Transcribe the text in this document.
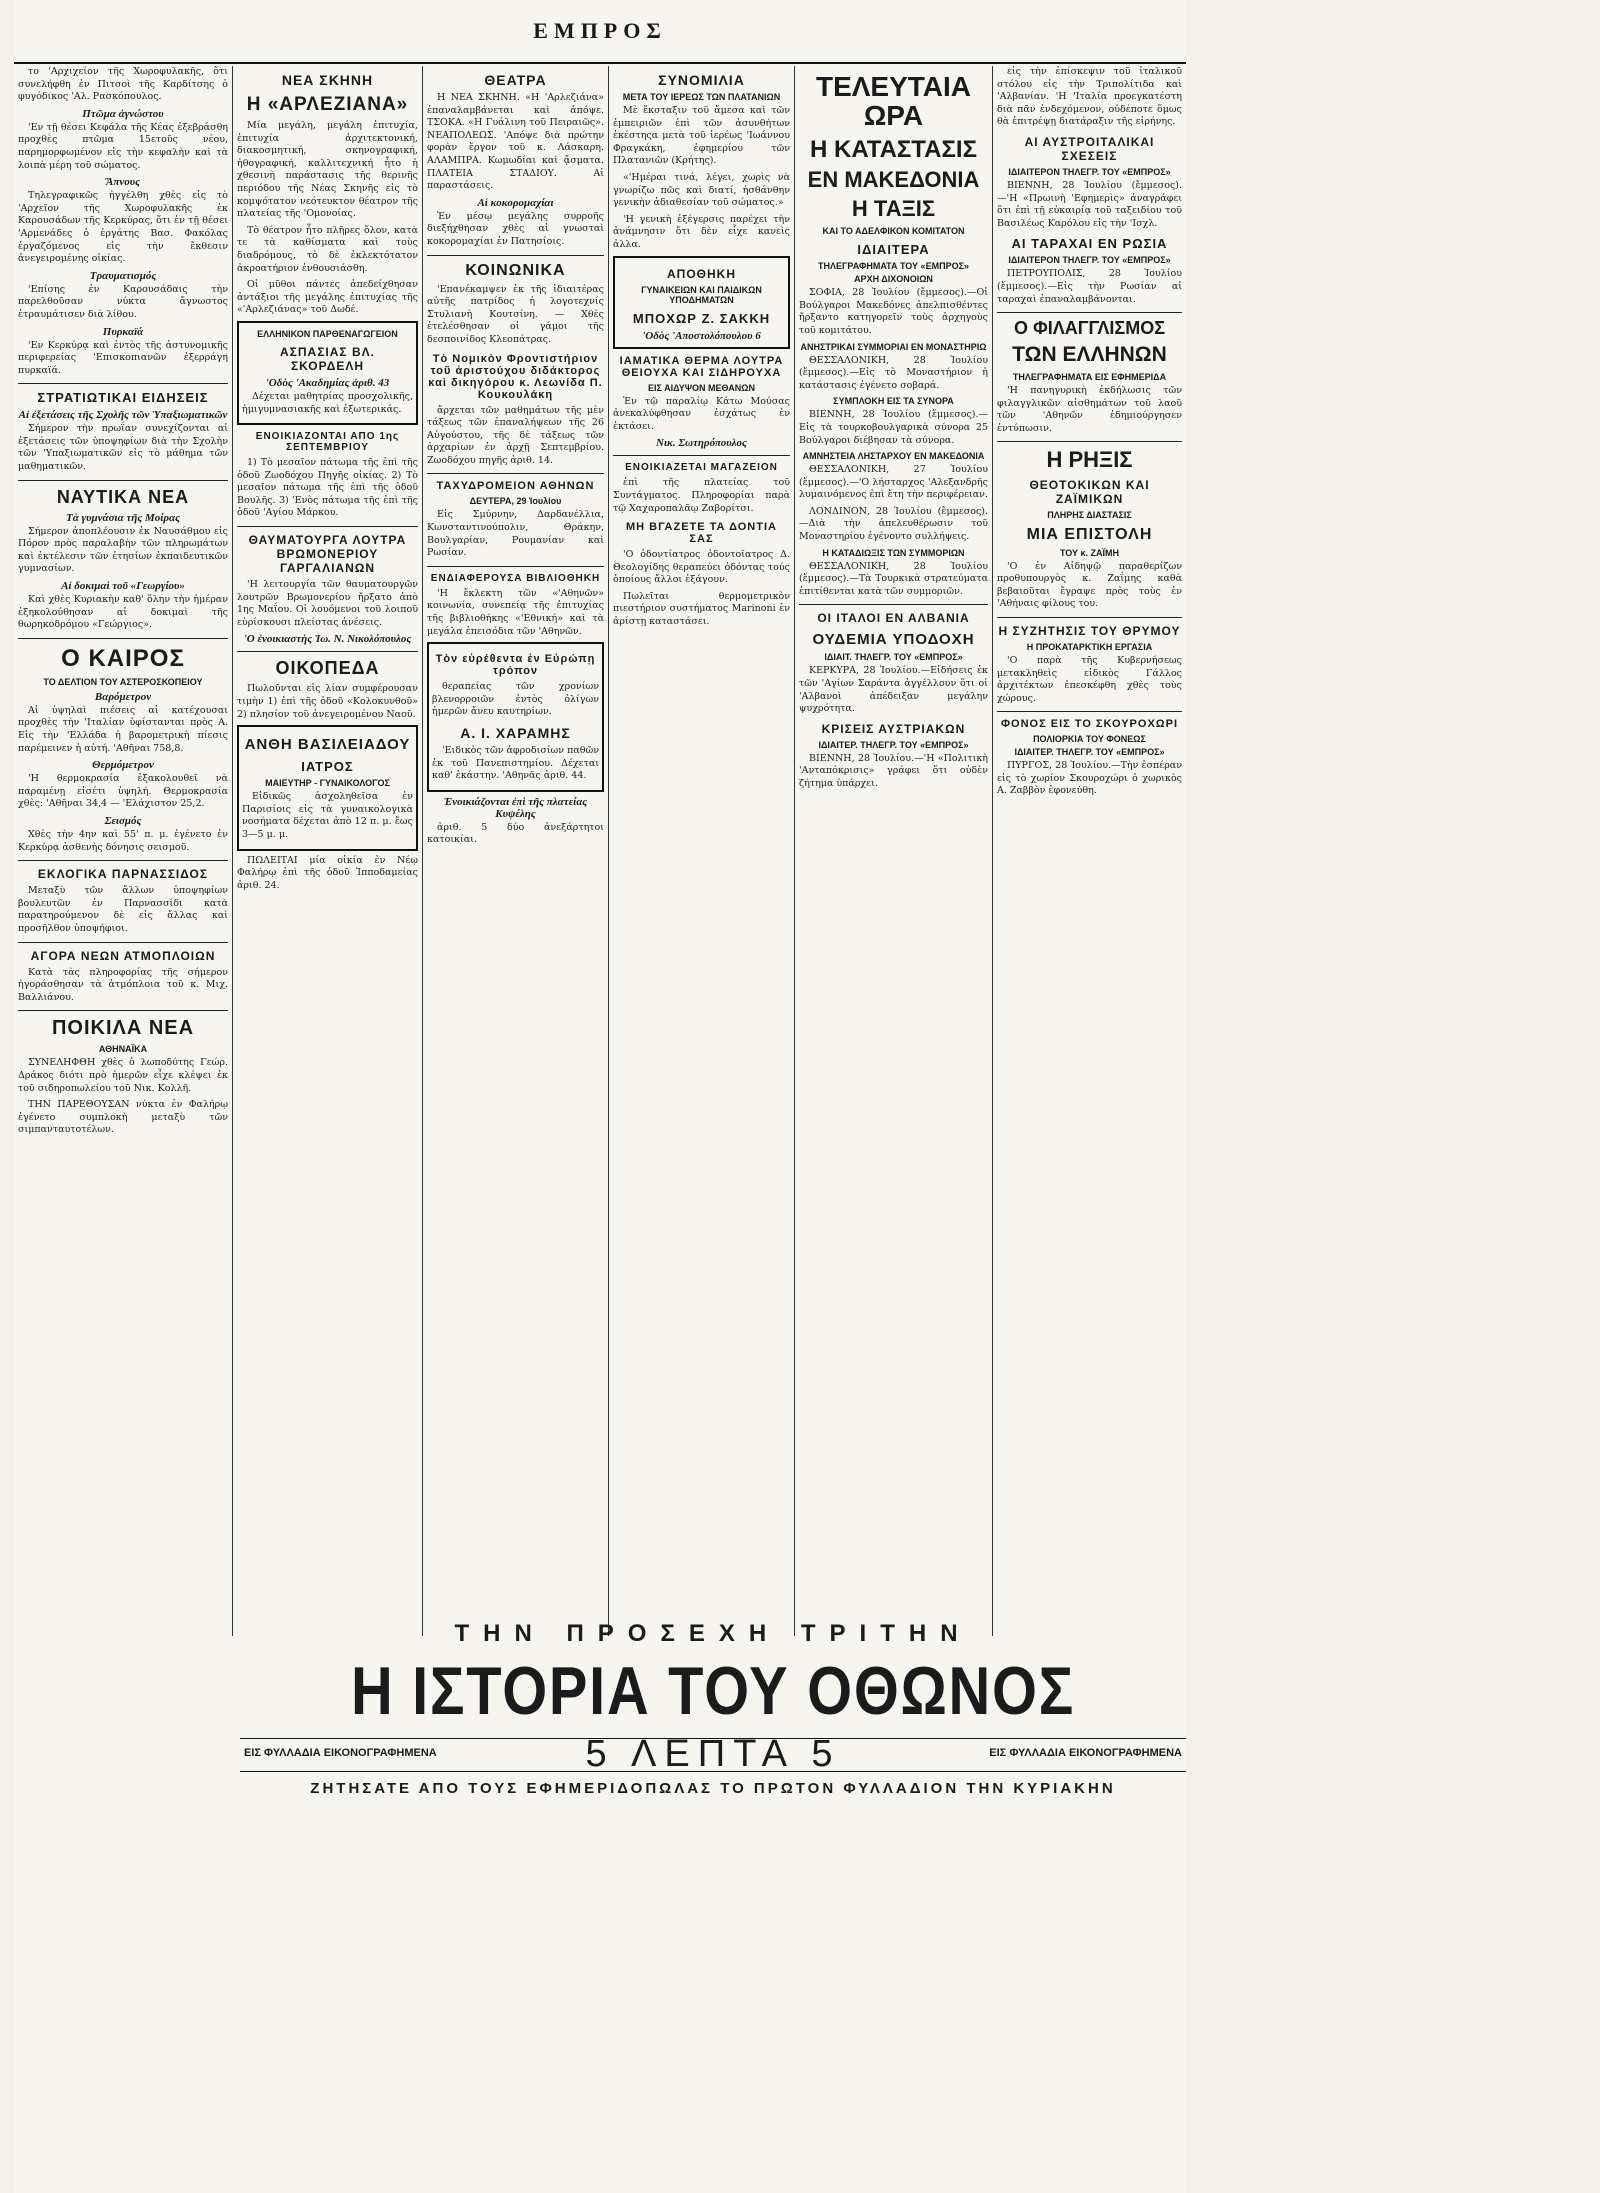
ΕΜΠΡΟΣ

το 'Αρχιχείον τῆς Χωροφυλακῆς, ὅτι συνελήφθη ἐν Πιτσοὶ τῆς Καρδίτσης ὁ φυγόδικος 'Αλ. Ρασκόπουλος.

Πτῶμα ἀγνώστου

'Εν τῇ θέσει Κεφάλα τῆς Κέας ἐξεβράσθη προχθὲς πτῶμα 15ετοῦς νέου, παρημορφωμένον εἰς τὴν κεφαλὴν καὶ τὰ λοιπὰ μέρη τοῦ σώματος.

Ἄπνους

Τηλεγραφικῶς ἠγγέλθη χθὲς εἰς τὸ 'Αρχεῖον τῆς Χωροφυλακῆς ἐκ Καρουσάδων τῆς Κερκύρας, ὅτι ἐν τῇ θέσει 'Αρμενάδες ὁ ἐργάτης Βασ. Φακόλας ἐργαζόμενος εἰς τὴν ἔκθεσιν ἀνεγειρομένης οἰκίας.

Τραυματισμός

'Επίσης ἐν Καρουσάδαις τὴν παρελθοῦσαν νύκτα ἄγνωστος ἐτραυμάτισεν διὰ λίθου.

Πυρκαϊά

'Εν Κερκύρᾳ καὶ ἐντὸς τῆς ἀστυνομικῆς περιφερείας 'Επισκοπιανῶν ἐξερράγη πυρκαϊά.

ΣΤΡΑΤΙΩΤΙΚΑΙ ΕΙΔΗΣΕΙΣ
Αἱ ἐξετάσεις τῆς Σχολῆς τῶν Ὑπαξιωματικῶν

Σήμερον τὴν πρωΐαν συνεχίζονται αἱ ἐξετάσεις τῶν ὑποψηφίων διὰ τὴν Σχολὴν τῶν 'Υπαξιωματικῶν εἰς τὸ μάθημα τῶν μαθηματικῶν.

ΝΑΥΤΙΚΑ ΝΕΑ
Τὰ γυμνάσια τῆς Μοίρας

Σήμερον ἀποπλέουσιν ἐκ Ναυσάθμου εἰς Πόρον πρὸς παραλαβὴν τῶν πληρωμάτων καὶ ἐκτέλεσιν τῶν ἐτησίων ἐκπαιδευτικῶν γυμνασίων.

Αἱ δοκιμαὶ τοῦ «Γεωργίου»

Καὶ χθὲς Κυριακὴν καθ' ὅλην τὴν ἡμέραν ἐξηκολούθησαν αἱ δοκιμαὶ τῆς θωρηκοδρόμου «Γεώργιος».

Ο ΚΑΙΡΟΣ
ΤΟ ΔΕΛΤΙΟΝ ΤΟΥ ΑΣΤΕΡΟΣΚΟΠΕΙΟΥ
Βαρόμετρον

Αἱ ὑψηλαὶ πιέσεις αἱ κατέχουσαι προχθὲς τὴν 'Ιταλίαν ὑφίστανται πρὸς Α. Εἰς τὴν 'Ελλάδα ἡ βαρομετρικὴ πίεσις παρέμεινεν ἡ αὐτή. 'Αθῆναι 758,8.

Θερμόμετρον

'Η θερμοκρασία ἐξακολουθεῖ νὰ παραμένῃ εἰσέτι ὑψηλή. Θερμοκρασία χθὲς: 'Αθῆναι 34,4 — 'Ελάχιστον 25,2.

Σεισμός

Χθὲς τὴν 4ην καὶ 55' π. μ. ἐγένετο ἐν Κερκύρᾳ ἀσθενὴς δόνησις σεισμοῦ.

ΕΚΛΟΓΙΚΑ ΠΑΡΝΑΣΣΙΔΟΣ

Μεταξὺ τῶν ἄλλων ὑποψηφίων βουλευτῶν ἐν Παρνασσίδι κατὰ παρατηρούμενον δὲ εἰς ἄλλας καὶ προσῆλθον ὑποψήφιοι.

ΑΓΟΡΑ ΝΕΩΝ ΑΤΜΟΠΛΟΙΩΝ

Κατὰ τὰς πληροφορίας τῆς σήμερον ἠγοράσθησαν τὰ ἀτμόπλοια τοῦ κ. Μιχ. Βαλλιάνου.

ΠΟΙΚΙΛΑ ΝΕΑ
ΑΘΗΝΑΪΚΑ

ΣΥΝΕΛΗΦΘΗ χθὲς ὁ λωποδύτης Γεώρ. Δράκος διότι πρὸ ἡμερῶν εἶχε κλέψει ἐκ τοῦ σιδηροπωλείου τοῦ Νικ. Κολλῆ.

ΤΗΝ ΠΑΡΕΘΟΥΣΑΝ νύκτα ἐν Φαλήρῳ ἐγένετο συμπλοκὴ μεταξὺ τῶν σιμπανταυτοτέλων.

ΝΕΑ ΣΚΗΝΗ
Η «ΑΡΛΕΖΙΑΝΑ»

Μία μεγάλη, μεγάλη ἐπιτυχία, ἐπιτυχία ἀρχιτεκτονική, διακοσμητική, σκηνογραφική, ἠθογραφική, καλλιτεχνική ἦτο ἡ χθεσινὴ παράστασις τῆς θερινῆς περιόδου τῆς Νέας Σκηνῆς εἰς τὸ κομψότατον νεότευκτον θέατρον τῆς πλατείας τῆς 'Ομονοίας.

Τὸ θέατρον ἦτο πλῆρες ὅλον, κατὰ τε τὰ καθίσματα καὶ τοὺς διαδρόμους, τὸ δὲ ἐκλεκτότατον ἀκροατήριον ἐνθουσιάσθη.

Οἱ μῦθοι πάντες ἀπεδείχθησαν ἀντάξιοι τῆς μεγάλης ἐπιτυχίας τῆς «'Αρλεζιάνας» τοῦ Δωδέ.

ΕΛΛΗΝΙΚΟΝ ΠΑΡΘΕΝΑΓΩΓΕΙΟΝ
ΑΣΠΑΣΙΑΣ ΒΛ. ΣΚΟΡΔΕΛΗ
'Οδὸς 'Ακαδημίας ἀριθ. 43

Δέχεται μαθητρίας προσχολικῆς, ἡμιγυμνασιακῆς καὶ ἐξωτερικάς.

ΕΝΟΙΚΙΑΖΟΝΤΑΙ ΑΠΟ 1ης ΣΕΠΤΕΜΒΡΙΟΥ

1) Τὸ μεσαῖον πάτωμα τῆς ἐπὶ τῆς ὁδοῦ Ζωοδόχου Πηγῆς οἰκίας. 2) Τὸ μεσαῖον πάτωμα τῆς ἐπὶ τῆς ὁδοῦ Βουλῆς. 3) 'Ενὸς πάτωμα τῆς ἐπὶ τῆς ὁδοῦ 'Αγίου Μάρκου.

ΘΑΥΜΑΤΟΥΡΓΑ ΛΟΥΤΡΑ ΒΡΩΜΟΝΕΡΙΟΥ ΓΑΡΓΑΛΙΑΝΩΝ

'Η λειτουργία τῶν θαυματουργῶν λουτρῶν Βρωμονερίου ἤρξατο ἀπὸ 1ης Μαΐου. Οἱ λουόμενοι τοῦ λοιποῦ εὑρίσκουσι πλείστας ἀνέσεις.

'Ο ἐνοικιαστὴς Ἰω. Ν. Νικολόπουλος
ΟΙΚΟΠΕΔΑ

Πωλοῦνται εἰς λίαν συμφέρουσαν τιμὴν 1) ἐπὶ τῆς ὁδοῦ «Κολοκυνθοῦ» 2) πλησίον τοῦ ἀνεγειρομένου Ναοῦ.

ΑΝΘΗ ΒΑΣΙΛΕΙΑΔΟΥ
ΙΑΤΡΟΣ
ΜΑΙΕΥΤΗΡ - ΓΥΝΑΙΚΟΛΟΓΟΣ

Εἰδικῶς ἀσχοληθεῖσα ἐν Παρισίοις εἰς τὰ γυναικολογικὰ νοσήματα δέχεται ἀπὸ 12 π. μ. ἕως 3—5 μ. μ.

ΠΩΛΕΙΤΑΙ μία οἰκία ἐν Νέῳ Φαλήρῳ ἐπὶ τῆς ὁδοῦ Ἰπποδαμείας ἀριθ. 24.

ΘΕΑΤΡΑ

Η ΝΕΑ ΣΚΗΝΗ. «Η 'Αρλεζιάνα» ἐπαναλαμβάνεται καὶ ἀπόψε. ΤΣΟΚΑ. «Η Γυάλινη τοῦ Πειραιῶς». ΝΕΑΠΟΛΕΩΣ. 'Απόψε διὰ πρώτην φορὰν ἔργον τοῦ κ. Λάσκαρη. ΑΛΑΜΠΡΑ. Κωμωδίαι καὶ ᾄσματα. ΠΛΑΤΕΙΑ ΣΤΑΔΙΟΥ. Αἱ παραστάσεις.

Αἱ κοκορομαχίαι

Ἐν μέσῳ μεγάλης συρροῆς διεξήχθησαν χθὲς αἱ γνωσταὶ κοκορομαχίαι ἐν Πατησίοις.

ΚΟΙΝΩΝΙΚΑ

'Επανέκαμψεν ἐκ τῆς ἰδιαιτέρας αὐτῆς πατρίδος ἡ λογοτεχνίς Στυλιανὴ Κουτσίνη. — Χθὲς ἐτελέσθησαν οἱ γάμοι τῆς δεσποινίδος Κλεοπάτρας.

Τὸ Νομικὸν Φροντιστήριον τοῦ ἀριστούχου διδάκτορος καὶ δικηγόρου κ. Λεωνίδα Π. Κουκουλάκη

ἄρχεται τῶν μαθημάτων τῆς μὲν τάξεως τῶν ἐπαναλήψεων τῆς 26 Αὐγούστου, τῆς δὲ τάξεως τῶν ἀρχαρίων ἐν ἀρχῇ Σεπτεμβρίου. Ζωοδόχου πηγῆς ἀριθ. 14.

ΤΑΧΥΔΡΟΜΕΙΟΝ ΑΘΗΝΩΝ
ΔΕΥΤΕΡΑ, 29 Ἰουλίου

Εἰς Σμύρνην, Δαρδανέλλια, Κωνσταντινούπολιν, Θράκην, Βουλγαρίαν, Ρουμανίαν καὶ Ρωσίαν.

ΕΝΔΙΑΦΕΡΟΥΣΑ ΒΙΒΛΙΟΘΗΚΗ

'Η ἔκλεκτη τῶν «'Αθηνῶν» κοινωνία, συνεπείᾳ τῆς ἐπιτυχίας τῆς βιβλιοθήκης «'Εθνική» καὶ τὰ μεγάλα ἐπεισόδια τῶν 'Αθηνῶν.

Τὸν εὑρέθεντα ἐν Εὐρώπῃ τρόπον

θεραπείας τῶν χρονίων βλενορροιῶν ἐντὸς ὀλίγων ἡμερῶν ἄνευ καυτηρίων.

Α. Ι. ΧΑΡΑΜΗΣ

'Ειδικὸς τῶν ἀφροδισίων παθῶν ἐκ τοῦ Πανεπιστημίου. Δέχεται καθ' ἑκάστην. 'Αθηνᾶς ἀριθ. 44.

Ἐνοικιάζονται ἐπὶ τῆς πλατείας Κυψέλης

ἀριθ. 5 δύο ἀνεξάρτητοι κατοικίαι.

ΣΥΝΟΜΙΛΙΑ
ΜΕΤΑ ΤΟΥ ΙΕΡΕΩΣ ΤΩΝ ΠΛΑΤΑΝΙΩΝ

Μὲ ἔκσταξιν τοῦ ἄμεσα καὶ τῶν ἐμπειριῶν ἐπὶ τῶν ἀσυνθήτων ἐκέστηςα μετὰ τοῦ ἱερέως 'Ιωάννου Φραγκάκη, ἐφημερίου τῶν Πλατανιῶν (Κρήτης).

«'Ημέραι τινά, λέγει, χωρὶς νὰ γνωρίζω πῶς καὶ διατί, ἠσθάνθην γενικὴν ἀδιαθεσίαν τοῦ σώματος.»

'Η γενικὴ ἐξέγερσις παρέχει τὴν ἀνάμνησιν ὅτι δὲν εἶχε κανεὶς ἀλλα.

ΑΠΟΘΗΚΗ
ΓΥΝΑΙΚΕΙΩΝ ΚΑΙ ΠΑΙΔΙΚΩΝ ΥΠΟΔΗΜΑΤΩΝ
ΜΠΟΧΩΡ Ζ. ΣΑΚΚΗ
'Οδὸς 'Αποστολόπουλου 6
ΙΑΜΑΤΙΚΑ ΘΕΡΜΑ ΛΟΥΤΡΑ ΘΕΙΟΥΧΑ ΚΑΙ ΣΙΔΗΡΟΥΧΑ
ΕΙΣ ΑΙΔΥΨΟΝ ΜΕΘΑΝΩΝ

Ἐν τῷ παραλίῳ Κάτω Μούσας ἀνεκαλύφθησαν ἐσχάτως ἐν ἐκτάσει.

Νικ. Σωτηρόπουλος
ΕΝΟΙΚΙΑΖΕΤΑΙ ΜΑΓΑΖΕΙΟΝ

ἐπὶ τῆς πλατείας τοῦ Συντάγματος. Πληροφορίαι παρὰ τῷ Χαχαροπαλᾶῳ Ζαβορίτσι.

ΜΗ ΒΓΑΖΕΤΕ ΤΑ ΔΟΝΤΙΑ ΣΑΣ

'Ο ὀδοντίατρος ὀδοντοϊατρος Δ. Θεολογίδης θεραπεύει ὀδόντας τούς ὁποίους ἄλλοι ἐξάγουν.

Πωλεῖται θερμομετρικὸν πιεστήριον συστήματος Marinoni ἐν ἀρίστῃ καταστάσει.

ΤΕΛΕΥΤΑΙΑ ΩΡΑ
Η ΚΑΤΑΣΤΑΣΙΣ
ΕΝ ΜΑΚΕΔΟΝΙΑ
Η ΤΑΞΙΣ
ΚΑΙ ΤΟ ΑΔΕΛΦΙΚΟΝ ΚΟΜΙΤΑΤΟΝ
ΙΔΙΑΙΤΕΡΑ
ΤΗΛΕΓΡΑΦΗΜΑΤΑ ΤΟΥ «ΕΜΠΡΟΣ»
ΑΡΧΗ ΔΙΧΟΝΟΙΩΝ

ΣΟΦΙΑ, 28 Ἰουλίου (ἔμμεσος).—Οἱ Βούλγαροι Μακεδόνες ἀπελπισθέντες ἤρξαντο κατηγορεῖν τοὺς ἀρχηγοὺς τοῦ κομιτάτου.

ΑΝΗΣΤΡΙΚΑΙ ΣΥΜΜΟΡΙΑΙ ΕΝ ΜΟΝΑΣΤΗΡΙΩ

ΘΕΣΣΑΛΟΝΙΚΗ, 28 Ἰουλίου (ἔμμεσος).—Εἰς τὸ Μοναστήριον ἡ κατάστασις ἐγένετο σοβαρά.

ΣΥΜΠΛΟΚΗ ΕΙΣ ΤΑ ΣΥΝΟΡΑ

ΒΙΕΝΝΗ, 28 Ἰουλίου (ἔμμεσος).—Εἰς τὰ τουρκοβουλγαρικὰ σύνορα 25 Βούλγαροι διέβησαν τὰ σύνορα.

ΑΜΝΗΣΤΕΙΑ ΛΗΣΤΑΡΧΟΥ ΕΝ ΜΑΚΕΔΟΝΙΑ

ΘΕΣΣΑΛΟΝΙΚΗ, 27 Ἰουλίου (ἔμμεσος).—'Ο λήσταρχος 'Αλεξανδρῆς λυμαινόμενος ἐπὶ ἔτη τὴν περιφέρειαν.

ΛΟΝΔΙΝΟΝ, 28 Ἰουλίου (ἔμμεσος).—Διὰ τὴν ἀπελευθέρωσιν τοῦ Μοναστηρίου ἐγένοντο συλλήψεις.

Η ΚΑΤΑΔΙΩΞΙΣ ΤΩΝ ΣΥΜΜΟΡΙΩΝ

ΘΕΣΣΑΛΟΝΙΚΗ, 28 Ἰουλίου (ἔμμεσος).—Τὰ Τουρκικὰ στρατεύματα ἐπιτίθενται κατὰ τῶν συμμοριῶν.

ΟΙ ΙΤΑΛΟΙ ΕΝ ΑΛΒΑΝΙΑ
ΟΥΔΕΜΙΑ ΥΠΟΔΟΧΗ
ΙΔΙΑΙΤ. ΤΗΛΕΓΡ. ΤΟΥ «ΕΜΠΡΟΣ»

ΚΕΡΚΥΡΑ, 28 Ἰουλίου.—Εἰδήσεις ἐκ τῶν 'Αγίων Σαράντα ἀγγέλλουν ὅτι οἱ 'Αλβανοὶ ἀπέδειξαν μεγάλην ψυχρότητα.

ΚΡΙΣΕΙΣ ΑΥΣΤΡΙΑΚΩΝ
ΙΔΙΑΙΤΕΡ. ΤΗΛΕΓΡ. ΤΟΥ «ΕΜΠΡΟΣ»

ΒΙΕΝΝΗ, 28 Ἰουλίου.—'Η «Πολιτικὴ 'Ανταπόκρισις» γράφει ὅτι οὐδὲν ζήτημα ὑπάρχει.

εἰς τὴν ἐπίσκεψιν τοῦ ἰταλικοῦ στόλου εἰς τὴν Τριπολίτιδα καὶ 'Αλβανίαν. 'Η 'Ιταλία προεγκατέστη διὰ πᾶν ἐνδεχόμενον, οὐδέποτε ὅμως θὰ ἐπιτρέψῃ διατάραξιν τῆς εἰρήνης.

ΑΙ ΑΥΣΤΡΟΙΤΑΛΙΚΑΙ ΣΧΕΣΕΙΣ
ΙΔΙΑΙΤΕΡΟΝ ΤΗΛΕΓΡ. ΤΟΥ «ΕΜΠΡΟΣ»

ΒΙΕΝΝΗ, 28 Ἰουλίου (ἔμμεσος).—'Η «Πρωινὴ 'Εφημερὶς» ἀναγράφει ὅτι ἐπὶ τῇ εὐκαιρίᾳ τοῦ ταξειδίου τοῦ Βασιλέως Καρόλου εἰς τὴν 'Ισχλ.

ΑΙ ΤΑΡΑΧΑΙ ΕΝ ΡΩΣΙΑ
ΙΔΙΑΙΤΕΡΟΝ ΤΗΛΕΓΡ. ΤΟΥ «ΕΜΠΡΟΣ»

ΠΕΤΡΟΥΠΟΛΙΣ, 28 Ἰουλίου (ἔμμεσος).—Εἰς τὴν Ρωσίαν αἱ ταραχαὶ ἐπαναλαμβάνονται.

Ο ΦΙΛΑΓΓΛΙΣΜΟΣ
ΤΩΝ ΕΛΛΗΝΩΝ
ΤΗΛΕΓΡΑΦΗΜΑΤΑ ΕΙΣ ΕΦΗΜΕΡΙΔΑ

'Η πανηγυρικὴ ἐκδήλωσις τῶν φιλαγγλικῶν αἰσθημάτων τοῦ λαοῦ τῶν 'Αθηνῶν ἐδημιούργησεν ἐντύπωσιν.

Η ΡΗΞΙΣ
ΘΕΟΤΟΚΙΚΩΝ ΚΑΙ ΖΑΪΜΙΚΩΝ
ΠΛΗΡΗΣ ΔΙΑΣΤΑΣΙΣ
ΜΙΑ ΕΠΙΣΤΟΛΗ
ΤΟΥ κ. ΖΑΪΜΗ

'Ο ἐν Αἰδηψῷ παραθερίζων προθυπουργὸς κ. Ζαΐμης καθὰ βεβαιοῦται ἔγραψε πρὸς τοὺς ἐν 'Αθήναις φίλους του.

Η ΣΥΖΗΤΗΣΙΣ ΤΟΥ ΘΡΥΜΟΥ
Η ΠΡΟΚΑΤΑΡΚΤΙΚΗ ΕΡΓΑΣΙΑ

'Ο παρὰ τῆς Κυβερνήσεως μετακληθεὶς εἰδικὸς Γάλλος ἀρχιτέκτων ἐπεσκέφθη χθὲς τοὺς χώρους.

ΦΟΝΟΣ ΕΙΣ ΤΟ ΣΚΟΥΡΟΧΩΡΙ
ΠΟΛΙΟΡΚΙΑ ΤΟΥ ΦΟΝΕΩΣ
ΙΔΙΑΙΤΕΡ. ΤΗΛΕΓΡ. ΤΟΥ «ΕΜΠΡΟΣ»

ΠΥΡΓΟΣ, 28 Ἰουλίου.—Τὴν ἑσπέραν εἰς τὸ χωρίον Σκουροχώρι ὁ χωρικὸς Α. Ζαββὸν ἐφονεύθη.

ΤΗΝ ΠΡΟΣΕΧΗ ΤΡΙΤΗΝ
Η ΙΣΤΟΡΙΑ ΤΟΥ ΟΘΩΝΟΣ
ΕΙΣ ΦΥΛΛΑΔΙΑ ΕΙΚΟΝΟΓΡΑΦΗΜΕΝΑ	5 ΛΕΠΤΑ 5	ΕΙΣ ΦΥΛΛΑΔΙΑ ΕΙΚΟΝΟΓΡΑΦΗΜΕΝΑ
ΖΗΤΗΣΑΤΕ ΑΠΟ ΤΟΥΣ ΕΦΗΜΕΡΙΔΟΠΩΛΑΣ ΤΟ ΠΡΩΤΟΝ ΦΥΛΛΑΔΙΟΝ ΤΗΝ ΚΥΡΙΑΚΗΝ
